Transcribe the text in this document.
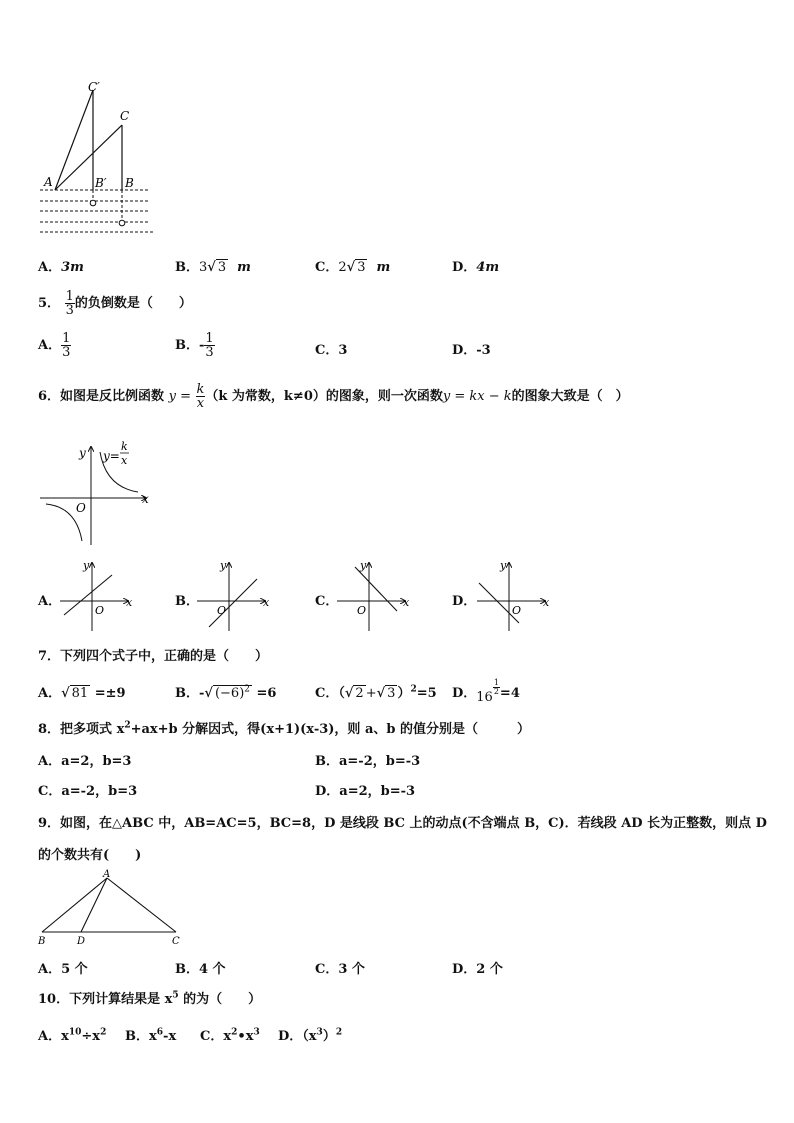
C′
C
A	B′ B
A．3m	B．3√ 3 m	C．2√ 3 m	D．4m
5． $\frac{1}{3}$ 的负倒数是（　　）
A． $\frac{1}{3}$	B．- $\frac{1}{3}$	C．3	D．-3
6．如图是反比例函数 $y = \frac{k}{x} (k$ 为常数，k≠0）的图象，则一次函数y = kx − k的图象大致是（　）
y
x
O
y=
k
x
A．
y
x
O
B．
y
x
O
C．
y
x
O
D．
y
x
O
7．下列四个式子中，正确的是（　　）
A．√ 81 =±9	B．-√ $(-6)^2 =6$	C．（√ 2 +√ 3 ）$^2$=5 D．16
$\frac{1}{2} =4$
8．把多项式 $x^2+ax+b$ 分解因式，得(x+1)(x-3)，则 a、b 的值分别是（　　　）
A．a=2，b=3	B．a=-2，b=-3
C．a=-2，b=3	D．a=2，b=-3
9．如图，在△ABC 中，AB=AC=5，BC=8，D 是线段 BC 上的动点(不含端点 B，C)．若线段 AD 长为正整数，则点 D
的个数共有(　　)
A
B	D	C
A．5 个	B．4 个	C．3 个	D．2 个
10．下列计算结果是 $x^5$ 的为（　　）
A．$x^{10}\div x^2$ B．$x^6-x$ C．$x^2•x^3$ D．$(x^3)^2$
